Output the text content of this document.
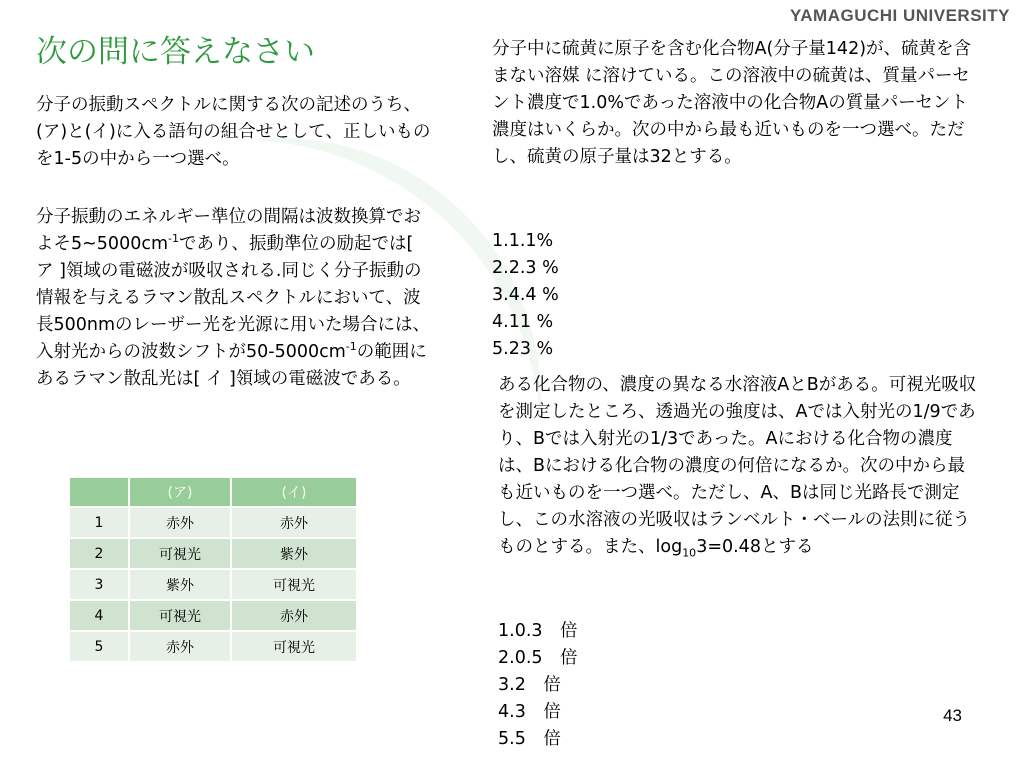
YAMAGUCHI UNIVERSITY
次の問に答えなさい

分子の振動スペクトルに関する次の記述のうち、(ア)と(イ)に入る語句の組合せとして、正しいものを1-5の中から一つ選べ。

分子振動のエネルギー準位の間隔は波数換算でおよそ$5\sim 5000cm^{-1}$であり、振動準位の励起では[ ア ]領域の電磁波が吸収される.同じく分子振動の情報を与えるラマン散乱スペクトルにおいて、波長500nmのレーザー光を光源に用いた場合には、入射光からの波数シフトが$50-5000cm^{-1}$の範囲にあるラマン散乱光は[ イ ]領域の電磁波である。

	(ア)	(イ)
1	赤外	赤外
2	可視光	紫外
3	紫外	可視光
4	可視光	赤外
5	赤外	可視光

分子中に硫黄に原子を含む化合物A(分子量142)が、硫黄を含まない溶媒 に溶けている。この溶液中の硫黄は、質量パーセント濃度で1.0%であった溶液中の化合物Aの質量パーセント濃度はいくらか。次の中から最も近いものを一つ選べ。ただし、硫黄の原子量は32とする。

1.1.1%
2.2.3 %
3.4.4 %
4.11 %
5.23 %

ある化合物の、濃度の異なる水溶液AとBがある。可視光吸収を測定したところ、透過光の強度は、Aでは入射光の1/9であり、Bでは入射光の1/3であった。Aにおける化合物の濃度は、Bにおける化合物の濃度の何倍になるか。次の中から最も近いものを一つ選べ。ただし、A、Bは同じ光路長で測定し、この水溶液の光吸収はランベルト・ベールの法則に従うものとする。また、$\log_{10}3=0.48$とする

1.0.3　倍
2.0.5　倍
3.2　倍
4.3　倍
5.5　倍
43
